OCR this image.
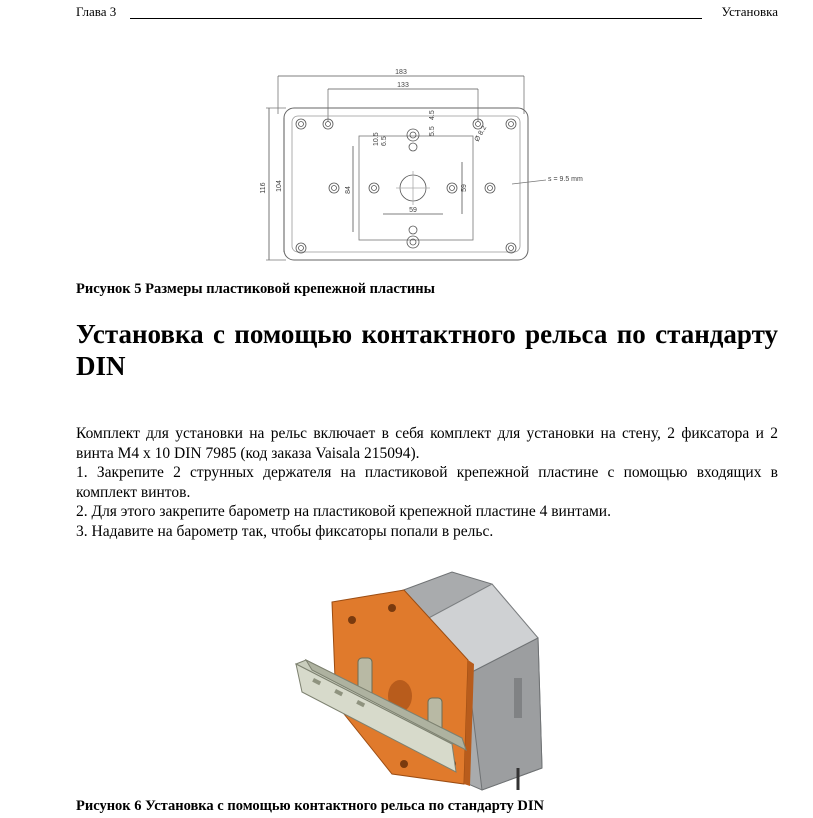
Глава 3	Установка
183
133
116 104	84
59
59
4.5
10.5 6.5
5.5	Ø 8.2
s = 9.5 mm
Рисунок 5 Размеры пластиковой крепежной пластины
Установка с помощью контактного рельса по стандарту DIN

Комплект для установки на рельс включает в себя комплект для установки на стену, 2 фиксатора и 2 винта M4 x 10 DIN 7985 (код заказа Vaisala 215094).

1. Закрепите 2 струнных держателя на пластиковой крепежной пластине с помощью входящих в комплект винтов.

2. Для этого закрепите барометр на пластиковой крепежной пластине 4 винтами.

3. Надавите на барометр так, чтобы фиксаторы попали в рельс.

Рисунок 6 Установка с помощью контактного рельса по стандарту DIN
